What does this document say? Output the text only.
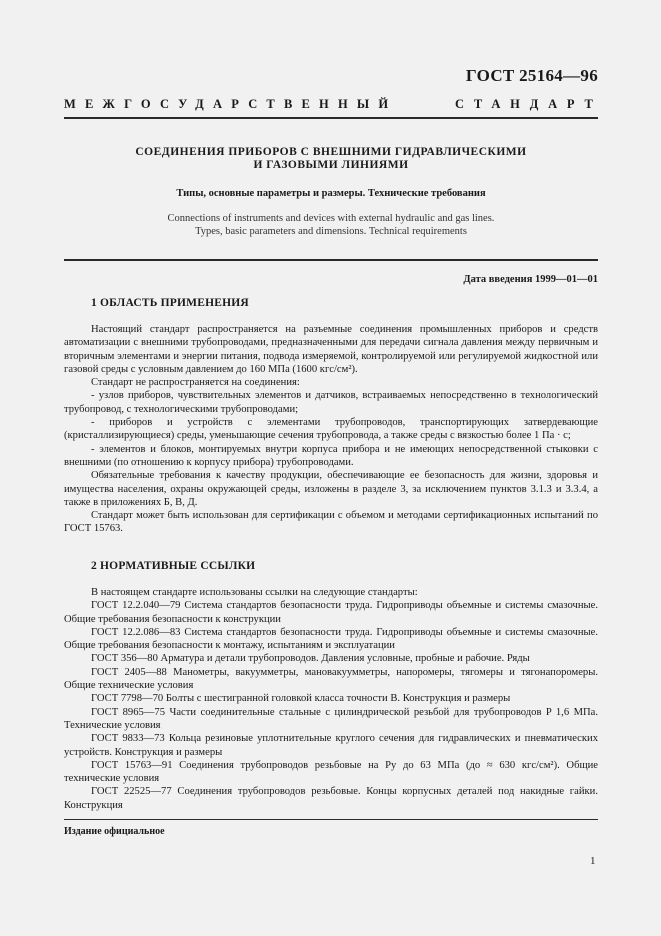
ГОСТ 25164—96
МЕЖГОСУДАРСТВЕННЫЙ	СТАНДАРТ
СОЕДИНЕНИЯ ПРИБОРОВ С ВНЕШНИМИ ГИДРАВЛИЧЕСКИМИ
И ГАЗОВЫМИ ЛИНИЯМИ
Типы, основные параметры и размеры. Технические требования
Connections of instruments and devices with external hydraulic and gas lines.
Types, basic parameters and dimensions. Technical requirements
Дата введения 1999—01—01
1 ОБЛАСТЬ ПРИМЕНЕНИЯ
Настоящий стандарт распространяется на разъемные соединения промышленных приборов и средств автоматизации с внешними трубопроводами, предназначенными для передачи сигнала давления между первичным и вторичным элементами и энергии питания, подвода измеряемой, контролируемой или регулируемой жидкостной или газовой среды с условным давлением до 160 МПа (1600 кгс/см²).
Стандарт не распространяется на соединения:
- узлов приборов, чувствительных элементов и датчиков, встраиваемых непосредственно в технологический трубопровод, с технологическими трубопроводами;
- приборов и устройств с элементами трубопроводов, транспортирующих затвердевающие (кристаллизирующиеся) среды, уменьшающие сечения трубопровода, а также среды с вязкостью более 1 Па · с;
- элементов и блоков, монтируемых внутри корпуса прибора и не имеющих непосредственной стыковки с внешними (по отношению к корпусу прибора) трубопроводами.
Обязательные требования к качеству продукции, обеспечивающие ее безопасность для жизни, здоровья и имущества населения, охраны окружающей среды, изложены в разделе 3, за исключением пунктов 3.1.3 и 3.3.4, а также в приложениях Б, В, Д.
Стандарт может быть использован для сертификации с объемом и методами сертификационных испытаний по ГОСТ 15763.
2 НОРМАТИВНЫЕ ССЫЛКИ
В настоящем стандарте использованы ссылки на следующие стандарты:
ГОСТ 12.2.040—79 Система стандартов безопасности труда. Гидроприводы объемные и системы смазочные. Общие требования безопасности к конструкции
ГОСТ 12.2.086—83 Система стандартов безопасности труда. Гидроприводы объемные и системы смазочные. Общие требования безопасности к монтажу, испытаниям и эксплуатации
ГОСТ 356—80 Арматура и детали трубопроводов. Давления условные, пробные и рабочие. Ряды
ГОСТ 2405—88 Манометры, вакуумметры, мановакуумметры, напоромеры, тягомеры и тягонапоромеры. Общие технические условия
ГОСТ 7798—70 Болты с шестигранной головкой класса точности В. Конструкция и размеры
ГОСТ 8965—75 Части соединительные стальные с цилиндрической резьбой для трубопроводов P 1,6 МПа. Технические условия
ГОСТ 9833—73 Кольца резиновые уплотнительные круглого сечения для гидравлических и пневматических устройств. Конструкция и размеры
ГОСТ 15763—91 Соединения трубопроводов резьбовые на Pу до 63 МПа (до ≈ 630 кгс/см²). Общие технические условия
ГОСТ 22525—77 Соединения трубопроводов резьбовые. Концы корпусных деталей под накидные гайки. Конструкция
Издание официальное
1
